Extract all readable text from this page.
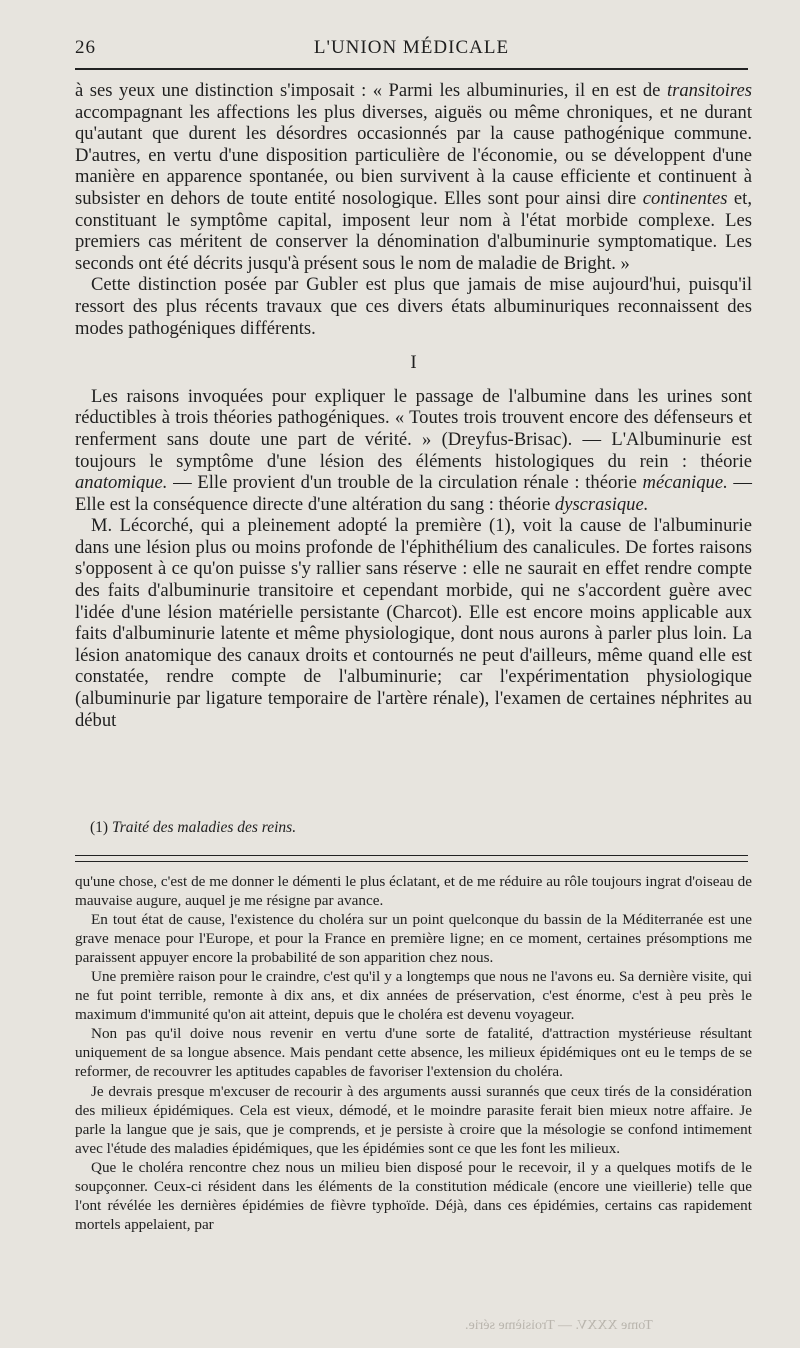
26	L'UNION MÉDICALE

à ses yeux une distinction s'imposait : « Parmi les albuminuries, il en est de transitoires accompagnant les affections les plus diverses, aiguës ou même chroniques, et ne durant qu'autant que durent les désordres occasionnés par la cause pathogénique commune. D'autres, en vertu d'une disposition particulière de l'économie, ou se développent d'une manière en apparence spontanée, ou bien survivent à la cause efficiente et continuent à subsister en dehors de toute entité nosologique. Elles sont pour ainsi dire continentes et, constituant le symptôme capital, imposent leur nom à l'état morbide complexe. Les premiers cas méritent de conserver la dénomination d'albuminurie symptomatique. Les seconds ont été décrits jusqu'à présent sous le nom de maladie de Bright. »

Cette distinction posée par Gubler est plus que jamais de mise aujourd'hui, puisqu'il ressort des plus récents travaux que ces divers états albuminuriques reconnaissent des modes pathogéniques différents.

I

Les raisons invoquées pour expliquer le passage de l'albumine dans les urines sont réductibles à trois théories pathogéniques. « Toutes trois trouvent encore des défenseurs et renferment sans doute une part de vérité. » (Dreyfus-Brisac). — L'Albuminurie est toujours le symptôme d'une lésion des éléments histologiques du rein : théorie anatomique. — Elle provient d'un trouble de la circulation rénale : théorie mécanique. — Elle est la conséquence directe d'une altération du sang : théorie dyscrasique.

M. Lécorché, qui a pleinement adopté la première (1), voit la cause de l'albuminurie dans une lésion plus ou moins profonde de l'éphithélium des canalicules. De fortes raisons s'opposent à ce qu'on puisse s'y rallier sans réserve : elle ne saurait en effet rendre compte des faits d'albuminurie transitoire et cependant morbide, qui ne s'accordent guère avec l'idée d'une lésion matérielle persistante (Charcot). Elle est encore moins applicable aux faits d'albuminurie latente et même physiologique, dont nous aurons à parler plus loin. La lésion anatomique des canaux droits et contournés ne peut d'ailleurs, même quand elle est constatée, rendre compte de l'albuminurie; car l'expérimentation physiologique (albuminurie par ligature temporaire de l'artère rénale), l'examen de certaines néphrites au début

(1) Traité des maladies des reins.

qu'une chose, c'est de me donner le démenti le plus éclatant, et de me réduire au rôle toujours ingrat d'oiseau de mauvaise augure, auquel je me résigne par avance.

En tout état de cause, l'existence du choléra sur un point quelconque du bassin de la Méditerranée est une grave menace pour l'Europe, et pour la France en première ligne; en ce moment, certaines présomptions me paraissent appuyer encore la probabilité de son apparition chez nous.

Une première raison pour le craindre, c'est qu'il y a longtemps que nous ne l'avons eu. Sa dernière visite, qui ne fut point terrible, remonte à dix ans, et dix années de préservation, c'est énorme, c'est à peu près le maximum d'immunité qu'on ait atteint, depuis que le choléra est devenu voyageur.

Non pas qu'il doive nous revenir en vertu d'une sorte de fatalité, d'attraction mystérieuse résultant uniquement de sa longue absence. Mais pendant cette absence, les milieux épidémiques ont eu le temps de se reformer, de recouvrer les aptitudes capables de favoriser l'extension du choléra.

Je devrais presque m'excuser de recourir à des arguments aussi surannés que ceux tirés de la considération des milieux épidémiques. Cela est vieux, démodé, et le moindre parasite ferait bien mieux notre affaire. Je parle la langue que je sais, que je comprends, et je persiste à croire que la mésologie se confond intimement avec l'étude des maladies épidémiques, que les épidémies sont ce que les font les milieux.

Que le choléra rencontre chez nous un milieu bien disposé pour le recevoir, il y a quelques motifs de le soupçonner. Ceux-ci résident dans les éléments de la constitution médicale (encore une vieillerie) telle que l'ont révélée les dernières épidémies de fièvre typhoïde. Déjà, dans ces épidémies, certains cas rapidement mortels appelaient, par

Tome XXXV. — Troisième série.
